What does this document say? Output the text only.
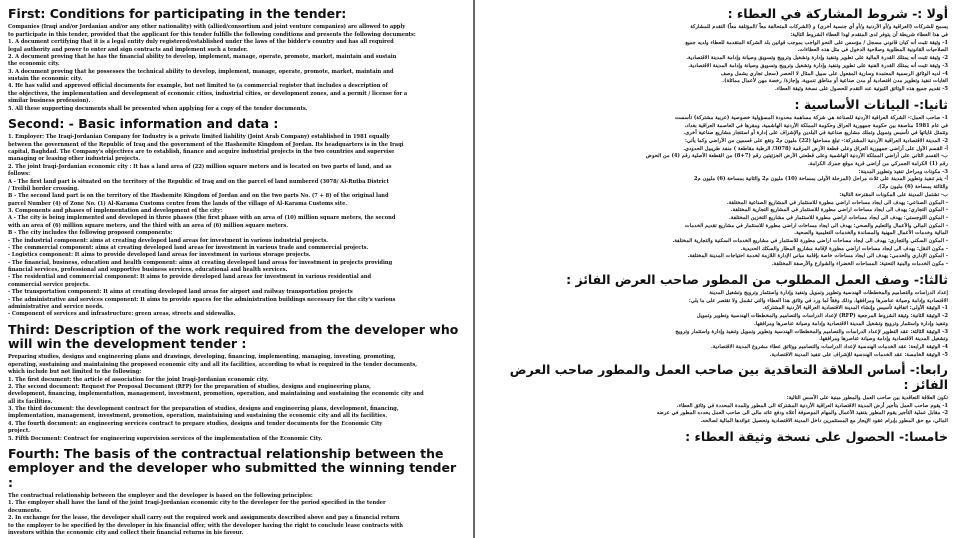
First: Conditions for participating in the tender:

Companies (Iraqi and/or Jordanian and/or any other nationality) with (allied/consortium and joint venture companies) are allowed to apply

to participate in this tender, provided that the applicant for this tender fulfills the following conditions and presents the following documents:

1. A document certifying that it is a legal entity duly registered/established under the laws of the bidder's country and has all required

legal authority and power to enter and sign contracts and implement such a tender.

2. A document proving that he has the financial ability to develop, implement, manage, operate, promote, market, maintain and sustain

the economic city.

3. A document proving that he possesses the technical ability to develop, implement, manage, operate, promote, market, maintain and

sustain the economic city.

4. He has valid and approved official documents for example, but not limited to (a commercial register that includes a description of

the objectives, the implementation and development of economic cities, industrial cities, or development zones, and a permit / license for a

similar business profession).

5. All these supporting documents shall be presented when applying for a copy of the tender documents.

Second: - Basic information and data :

1. Employer: The Iraqi-Jordanian Company for Industry is a private limited liability (Joint Arab Company) established in 1981 equally

between the government of the Republic of Iraq and the government of the Hashemite Kingdom of Jordan. Its headquarters is in the Iraqi

capital, Baghdad. The Company's objectives are to establish, finance and acquire industrial projects in the two countries and supervise

managing or leasing other industrial projects.

2. The joint Iraqi-Jordanian economic city : It has a land area of (22) million square meters and is located on two parts of land, and as

follows:

A - The first land part is situated on the territory of the Republic of Iraq and on the parcel of land numbered (3078/ Al-Rutba District

/ Treibil border crossing.

B - The second land part is on the territory of the Hashemite Kingdom of Jordan and on the two parts No. (7 + 8) of the original land

parcel Number (4) of Zone No. (1) Al-Karama Customs centre from the lands of the village of Al-Karama Customs site.

3. Components and phases of implementation and development of the city:

A - The city is being implemented and developed in three phases (the first phase with an area of (10) million square meters, the second

with an area of (6) million square meters, and the third with an area of (6) million square meters.

B - The city includes the following proposed components:

- The industrial component: aims at creating developed land areas for investment in various industrial projects.

- The commercial component: aims at creating developed land areas for investment in various trade and commercial projects.

- Logistics component: It aims to provide developed land areas for investment in various storage projects.

- The financial, business, education and health component: aims at creating developed land areas for investment in projects providing

financial services, professional and supportive business services, educational and health services.

- The residential and commercial component: It aims to provide developed land areas for investment in various residential and

commercial service projects.

- The transportation component: It aims at creating developed land areas for airport and railway transportation projects

- The administrative and services component: It aims to provide spaces for the administration buildings necessary for the city's various

administrative and service needs.

- Component of services and infrastructure: green areas, streets and sidewalks.

Third: Description of the work required from the developer who will win the development tender :

Preparing studies, designs and engineering plans and drawings, developing, financing, implementing, managing, investing, promoting,

operating, sustaining and maintaining the proposed economic city and all its facilities, according to what is required in the tender documents,

which include but not limited to the following:

1. The first document: the article of association for the joint Iraqi-Jordanian economic city.

2. The second document: Request For Proposal Document (RFP) for the preparation of studies, designs and engineering plans,

development, financing, implementation, management, investment, promotion, operation, and maintaining and sustaining the economic city and

all its facilities.

3. The third document: the development contract for the preparation of studies, designs and engineering plans, development, financing,

implementation, management, investment, promotion, operation, maintaining and sustaining the economic city and all its facilities.

4. The fourth document: an engineering services contract to prepare studies, designs and tender documents for the Economic City

project.

5. Fifth Document: Contract for engineering supervision services of the implementation of the Economic City.

Fourth: The basis of the contractual relationship between the employer and the developer who submitted the winning tender :

The contractual relationship between the employer and the developer is based on the following principles:

1. The employer shall have the land of the joint Iraqi-Jordanian economic city to the developer for the period specified in the tender

documents.

2. In exchange for the lease, the developer shall carry out the required work and assignments described above and pay a financial return

to the employer to be specified by the developer in his financial offer, with the developer having the right to conclude lease contracts with

investors within the economic city and collect their financial returns in his favour.

أولا :- شروط المشاركة في العطاء :

يسمح للشركات (العراقية و/أو الأردنية و/أو أي جنسية أخرى) و (الشركات المتحالفة معاً /المؤتلفة معاً) التقدم للمشاركة

في هذا العطاء شريطة أن يتوفر لدى المتقدم لهذا العطاء الشروط التالية:

1- وثيقة تثبت أنه كيان قانوني مسجل / مؤسس على النحو الواجب بموجب قوانين بلد الشركة المتقدمة للعطاء ولديه جميع

الصلاحيات القانونية المطلوبة وصلاحية الدخول في مثل هذه العطاءات.

2- وثيقة تثبت أنه يمتلك القدرة المالية على تطوير وتنفيذ وإدارة وتشغيل وترويج وتسويق وصيانة وإدامة المدينة الاقتصادية.

3- وثيقة تثبت أنه يمتلك القدرة الفنية على تطوير وتنفيذ وإدارة وتشغيل وترويج وتسويق وصيانة وإدامة المدينة الاقتصادية.

4- لديه الوثائق الرسمية المعتمدة وسارية المفعول على سبيل المثال لا الحصر (سجل تجاري يشمل وصف

الغايات تنفيذ وتطوير مدن اقتصادية أو مدن صناعية أو مناطق تنموية، وإجازة/ رخصة مهن لأعمال مماثلة).

5- تقديم جميع هذه الوثائق الثبوتية عند التقدم للحصول على نسخة وثيقة العطاء.

ثانيا:- البيانات الأساسية :

1- صاحب العمل:- الشركة العراقية الأردنية للصناعة هي شركة مساهمة محدودة المسؤولية خصوصية (عربية مشتركة) تأسست

في عام 1981 مناصفة بين حكومة جمهورية العراق وحكومة المملكة الأردنية الهاشمية، ومقرها في العاصمة العراقية بغداد،

وتتمثل غاياتها في تأسيس وتمويل وتملك مشاريع صناعية في البلدين والإشراف على إدارة أو استئجار مشاريع صناعية أخرى.

2- المدينة الاقتصادية العراقية الأردنية المشتركة:- تبلغ مساحتها (22) مليون م2 وتقع على قسمين من الأراضي وكما يأتي:

أ- القسم الأول على أراضي جمهورية العراق وعلى قطعة الأرض المرقمة (3078/ الرطبة مقاطعة ) منفذ طريبيل الحدودي.

ب- القسم الثاني على أراضي المملكة الأردنية الهاشمية وعلى قطعتي الأرض الجزئيتين رقم (7+8) من القطعة الأصلية رقم (4) من الحوض

رقم (1) الكرامة الجمركي من أراضي قرية موقع جمرك الكرامة.

3- مكونات ومراحل تنفيذ وتطوير المدينة:

أ- يتم تنفيذ وتطوير المدينة على ثلاث مراحل (المرحلة الأولى بمساحة (10) مليون م2 والثانية بمساحة (6) مليون م2

والثالثة بمساحة (6) مليون م2).

ب- تشتمل المدينة على المكونات المقترحة التالية:

- المكون الصناعي: يهدف الى ايجاد مساحات اراضي مطورة للاستثمار في المشاريع الصناعية المختلفة.

- المكون التجاري: يهدف الى ايجاد مساحات اراضي مطورة للاستثمار في المشاريع التجارية المختلفة.

- المكون اللوجستي: يهدف الى ايجاد مساحات اراضي مطورة للاستثمار في مشاريع التخزين المختلفة.

- المكون المالي والأعمال والتعليم والصحي: يهدف الى ايجاد مساحات اراضي مطورة للاستثمار في مشاريع تقديم الخدمات

المالية وخدمات الأعمال المهنية والمساندة والخدمات التعليمية والصحية.

- المكون السكني والتجاري: يهدف الى ايجاد مساحات اراضي مطورة للاستثمار في مشاريع الخدمات السكنية والتجارية المختلفة.

- مكون النقل: يهدف الى ايجاد مساحات اراضي مطورة لإقامة مشاريع المطار والسكك الحديدية.

- المكون الإداري والخدمي: يهدف الى ايجاد مساحات خاصة بإقامة مباني الإدارة اللازمة لخدمة احتياجات المدينة المختلفة.

- مكون الخدمات والبنية التحتية: المساحات الخضراء والشوارع والأرصفة المختلفة.

ثالثا:- وصف العمل المطلوب من المطور صاحب العرض الفائز :

إعداد الدراسات والتصاميم والمخططات الهندسية وتطوير وتمويل وتنفيذ وإدارة واستثمار وترويج وتشغيل المدينة

الاقتصادية وإدامة وصيانة عناصرها ومرافقها، وذلك وفقاً لما ورد في وثائق هذا العطاء والتي تشمل ولا تقتصر على ما يلي:

1- الوثيقة الأولى: اتفاقية تأسيس وإنشاء المدينة الاقتصادية العراقية الأردنية المشتركة.

2- الوثيقة الثانية: وثيقة الشروط المرجعية (RFP) لإعداد الدراسات والتصاميم والمخططات الهندسية وتطوير وتمويل

وتنفيذ وإدارة واستثمار وترويج وتشغيل المدينة الاقتصادية وإدامة وصيانة عناصرها ومرافقها.

3- الوثيقة الثالثة: عقد التطوير لإعداد الدراسات والتصاميم والمخططات الهندسية وتطوير وتمويل وتنفيذ وإدارة واستثمار وترويج

وتشغيل المدينة الاقتصادية وإدامة وصيانة عناصرها ومرافقها.

4- الوثيقة الرابعة: عقد الخدمات الهندسية لإعداد الدراسات والتصاميم ووثائق عطاء مشروع المدينة الاقتصادية.

5- الوثيقة الخامسة: عقد الخدمات الهندسية للإشراف على تنفيذ المدينة الاقتصادية.

رابعا:- أساس العلاقة التعاقدية بين صاحب العمل والمطور صاحب العرض الفائز :

تكون العلاقة التعاقدية بين صاحب العمل والمطور مبنية على الأسس التالية:

1- يقوم صاحب العمل بتأجير أرض المدينة الاقتصادية العراقية الأردنية المشتركة الى المطور وللمدة المحددة في وثائق العطاء.

2- مقابل عملية التأجير يقوم المطور بتنفيذ الأعمال والمهام الموصوفة أعلاه ودفع عائد مالي الى صاحب العمل يحدده المطور في عرضه

المالي، مع حق المطور بإبرام عقود الإيجار مع المستثمرين داخل المدينة الاقتصادية وتحصيل عوائدها المالية لصالحه.

خامسا:- الحصول على نسخة وثيقة العطاء :
